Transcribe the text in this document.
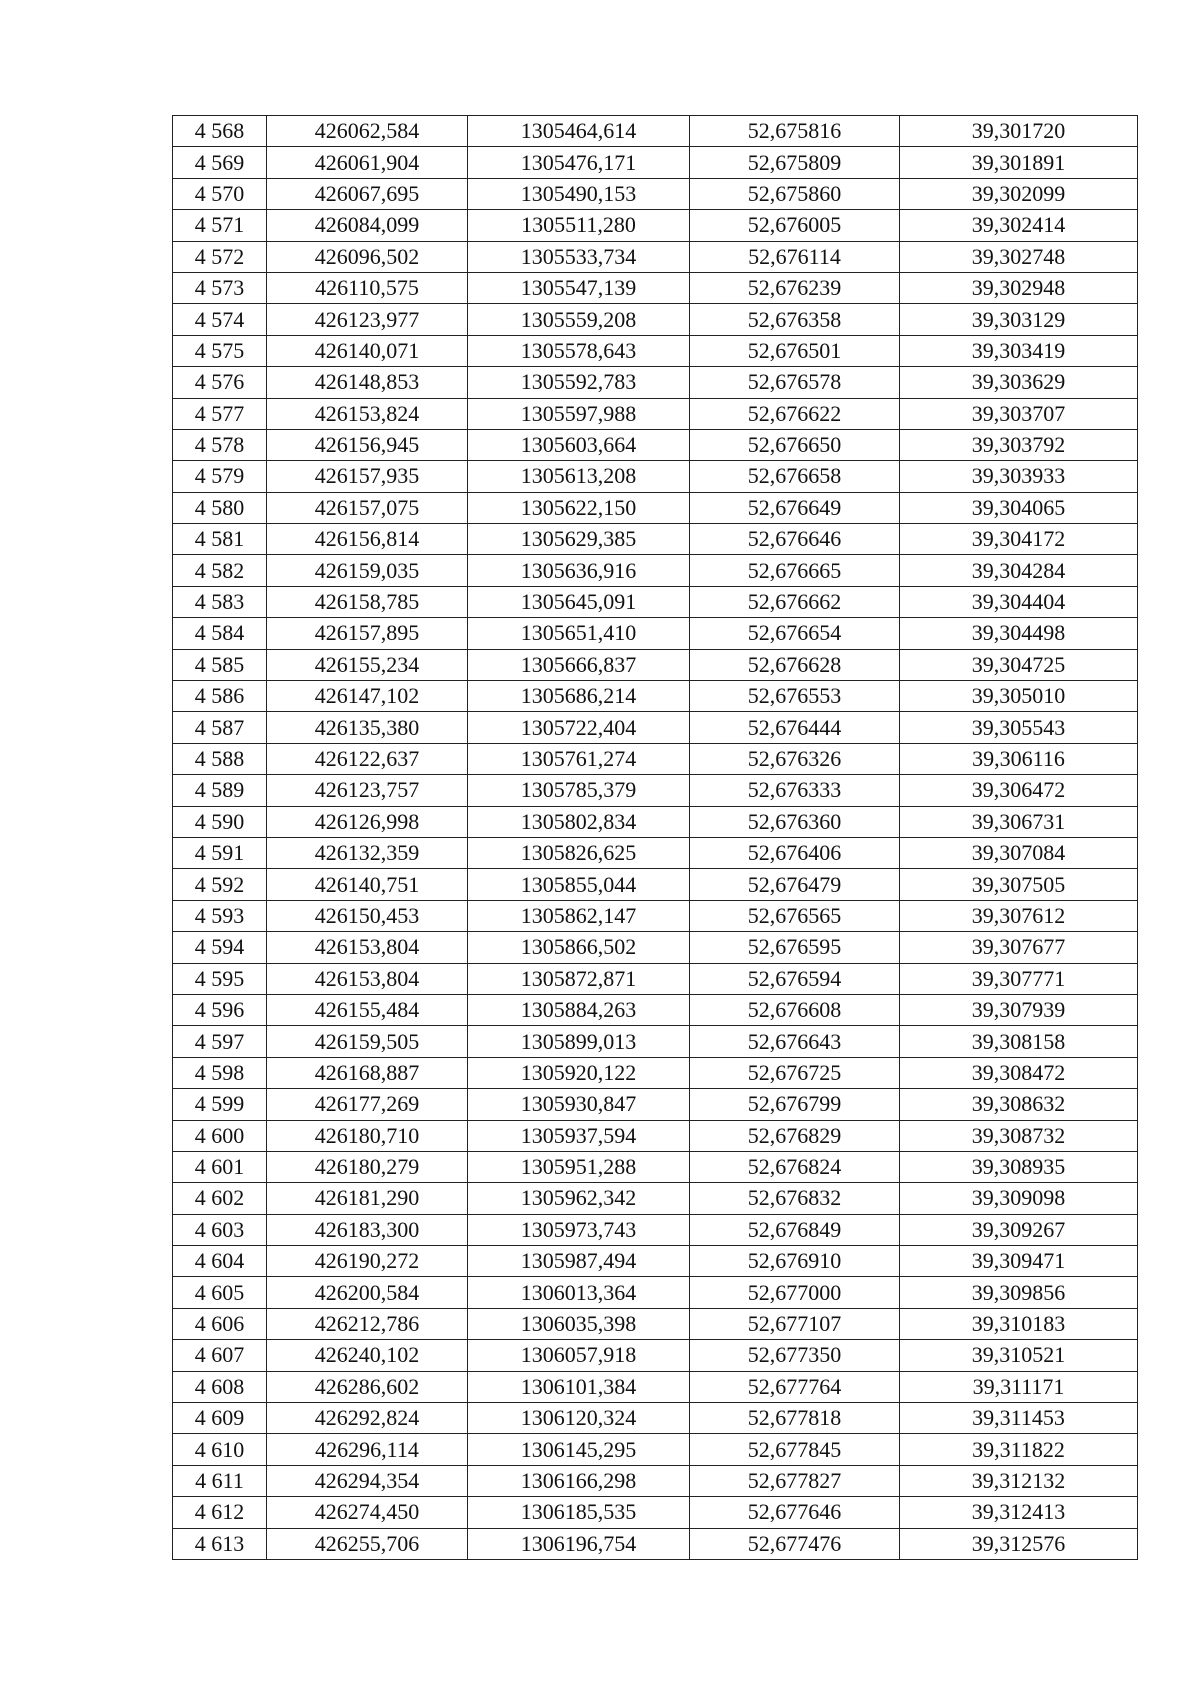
4 568	426062,584	1305464,614	52,675816	39,301720
4 569	426061,904	1305476,171	52,675809	39,301891
4 570	426067,695	1305490,153	52,675860	39,302099
4 571	426084,099	1305511,280	52,676005	39,302414
4 572	426096,502	1305533,734	52,676114	39,302748
4 573	426110,575	1305547,139	52,676239	39,302948
4 574	426123,977	1305559,208	52,676358	39,303129
4 575	426140,071	1305578,643	52,676501	39,303419
4 576	426148,853	1305592,783	52,676578	39,303629
4 577	426153,824	1305597,988	52,676622	39,303707
4 578	426156,945	1305603,664	52,676650	39,303792
4 579	426157,935	1305613,208	52,676658	39,303933
4 580	426157,075	1305622,150	52,676649	39,304065
4 581	426156,814	1305629,385	52,676646	39,304172
4 582	426159,035	1305636,916	52,676665	39,304284
4 583	426158,785	1305645,091	52,676662	39,304404
4 584	426157,895	1305651,410	52,676654	39,304498
4 585	426155,234	1305666,837	52,676628	39,304725
4 586	426147,102	1305686,214	52,676553	39,305010
4 587	426135,380	1305722,404	52,676444	39,305543
4 588	426122,637	1305761,274	52,676326	39,306116
4 589	426123,757	1305785,379	52,676333	39,306472
4 590	426126,998	1305802,834	52,676360	39,306731
4 591	426132,359	1305826,625	52,676406	39,307084
4 592	426140,751	1305855,044	52,676479	39,307505
4 593	426150,453	1305862,147	52,676565	39,307612
4 594	426153,804	1305866,502	52,676595	39,307677
4 595	426153,804	1305872,871	52,676594	39,307771
4 596	426155,484	1305884,263	52,676608	39,307939
4 597	426159,505	1305899,013	52,676643	39,308158
4 598	426168,887	1305920,122	52,676725	39,308472
4 599	426177,269	1305930,847	52,676799	39,308632
4 600	426180,710	1305937,594	52,676829	39,308732
4 601	426180,279	1305951,288	52,676824	39,308935
4 602	426181,290	1305962,342	52,676832	39,309098
4 603	426183,300	1305973,743	52,676849	39,309267
4 604	426190,272	1305987,494	52,676910	39,309471
4 605	426200,584	1306013,364	52,677000	39,309856
4 606	426212,786	1306035,398	52,677107	39,310183
4 607	426240,102	1306057,918	52,677350	39,310521
4 608	426286,602	1306101,384	52,677764	39,311171
4 609	426292,824	1306120,324	52,677818	39,311453
4 610	426296,114	1306145,295	52,677845	39,311822
4 611	426294,354	1306166,298	52,677827	39,312132
4 612	426274,450	1306185,535	52,677646	39,312413
4 613	426255,706	1306196,754	52,677476	39,312576
